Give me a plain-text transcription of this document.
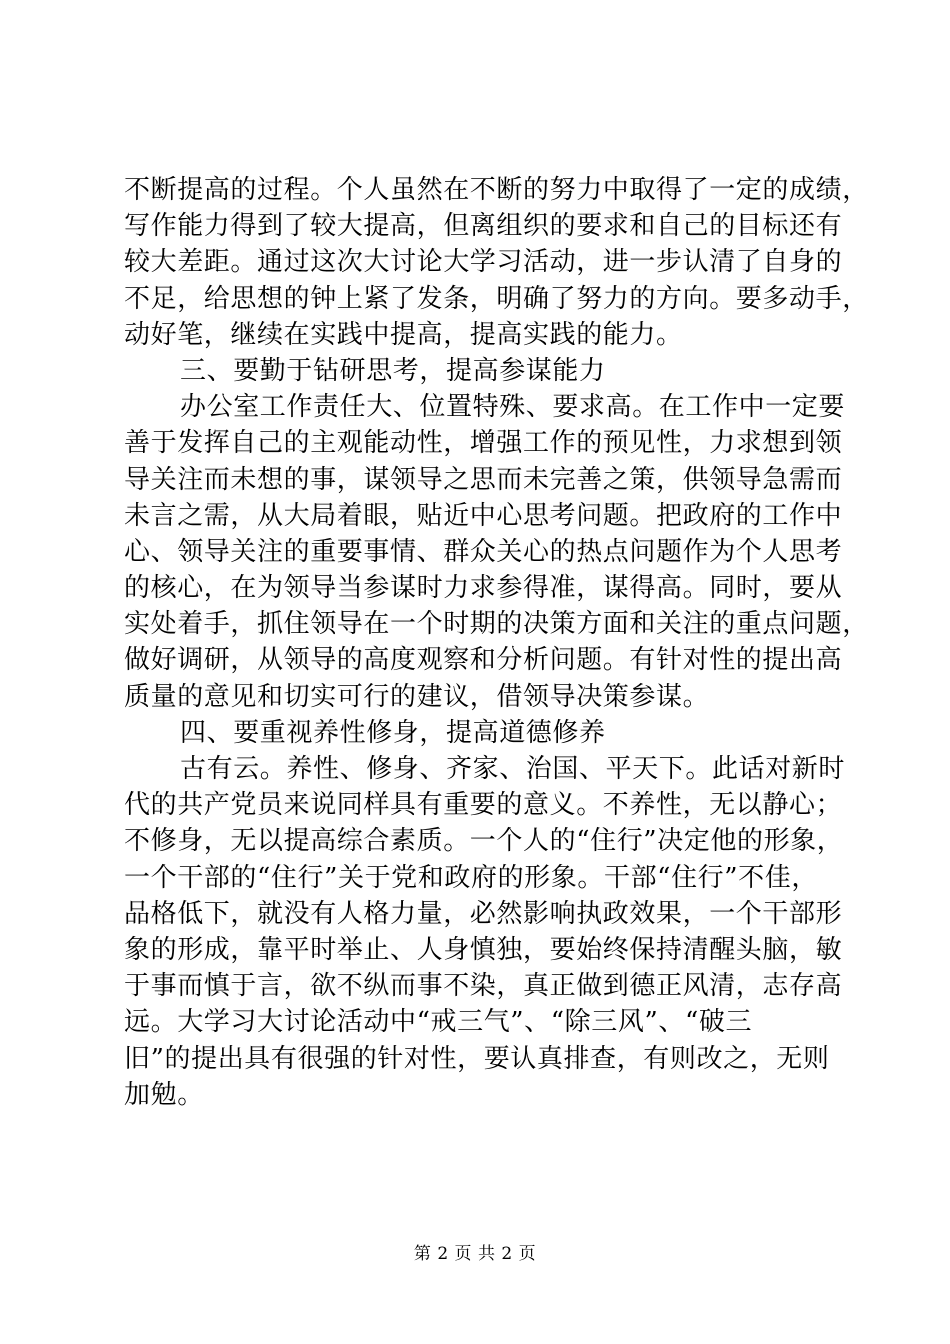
不断提高的过程。个人虽然在不断的努力中取得了一定的成绩，
写作能力得到了较大提高，但离组织的要求和自己的目标还有
较大差距。通过这次大讨论大学习活动，进一步认清了自身的
不足，给思想的钟上紧了发条，明确了努力的方向。要多动手，
动好笔，继续在实践中提高，提高实践的能力。
三、要勤于钻研思考，提高参谋能力
办公室工作责任大、位置特殊、要求高。在工作中一定要
善于发挥自己的主观能动性，增强工作的预见性，力求想到领
导关注而未想的事，谋领导之思而未完善之策，供领导急需而
未言之需，从大局着眼，贴近中心思考问题。把政府的工作中
心、领导关注的重要事情、群众关心的热点问题作为个人思考
的核心，在为领导当参谋时力求参得准，谋得高。同时，要从
实处着手，抓住领导在一个时期的决策方面和关注的重点问题，
做好调研，从领导的高度观察和分析问题。有针对性的提出高
质量的意见和切实可行的建议，借领导决策参谋。
四、要重视养性修身，提高道德修养
古有云。养性、修身、齐家、治国、平天下。此话对新时
代的共产党员来说同样具有重要的意义。不养性，无以静心；
不修身，无以提高综合素质。一个人的“住行”决定他的形象，
一个干部的“住行”关于党和政府的形象。干部“住行”不佳，
品格低下，就没有人格力量，必然影响执政效果，一个干部形
象的形成，靠平时举止、人身慎独，要始终保持清醒头脑，敏
于事而慎于言，欲不纵而事不染，真正做到德正风清，志存高
远。大学习大讨论活动中“戒三气”、“除三风”、“破三
旧”的提出具有很强的针对性，要认真排查，有则改之，无则
加勉。
第 2 页 共 2 页
